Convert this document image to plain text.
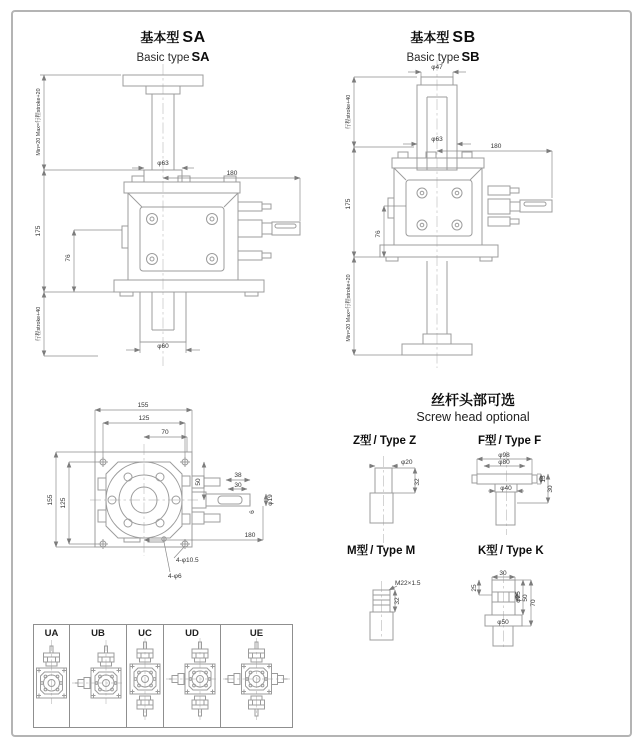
基本型 SA
Basic type SA
Min=20 Max=行程stroke+20
175
76
行程stroke+40
φ63
180
φ60
基本型 SB
Basic type SB
φ47
行程stroke+40
175
76
Min=20 Max=行程stroke+20
φ63
180
155
125
70
155 125
50
38
30
φ19
6
180
4-φ10.5
4-φ6
丝杆头部可选
Screw head optional
Z型 / Type Z
φ20
32
F型 / Type F
φ98
φ80
13
30
φ40
M型 / Type M
M22×1.5
32
K型 / Type K
30
25
φ25 50
70
φ50
UA	UB	UC	UD	UE
